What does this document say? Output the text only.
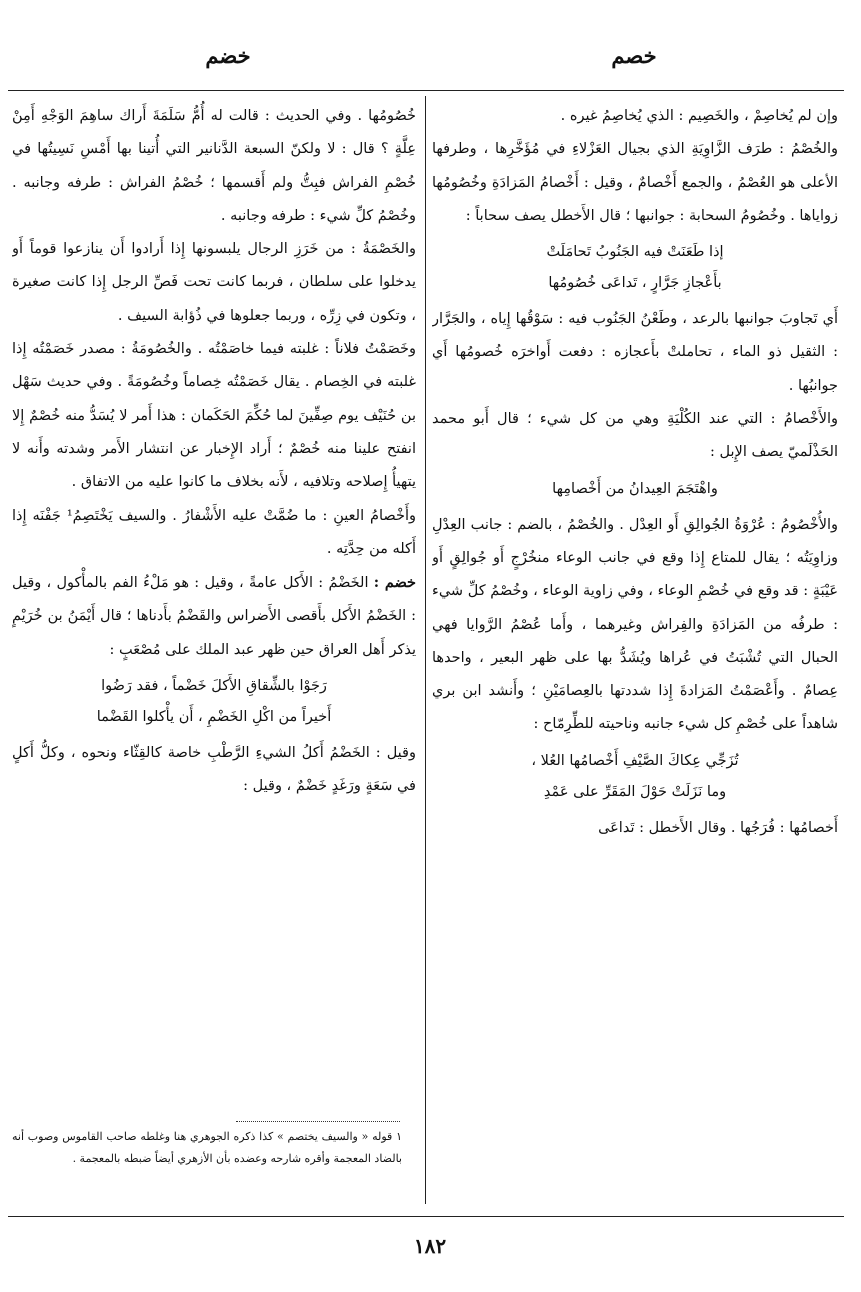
خصم
خضم

وإن لم يُخاصِمْ ، والخَصِيم : الذي يُخاصِمُ غيره .

والخُصْمُ : طرَف الزَّاوِيَةِ الذي بجيال العَزْلاءِ في مُؤَخَّرِها ، وطرفها الأعلى هو العُصْمُ ، والجمع أَخْصامٌ ، وقيل : أَخْصامُ المَزادَةِ وخُصُومُها زواياها . وخُصُومُ السحابة : جوانبها ؛ قال الأَخطل يصف سحاباً :

إذا طَعَنَتْ فيه الجَنُوبُ تَحامَلَتْ
بأَعْجازِ جَرَّارٍ ، تَداعَى خُصُومُها

أَي تَجاوبَ جوانبها بالرعد ، وطَعْنُ الجَنُوب فيه : سَوْقُها إِياه ، والجَرَّار : الثقيل ذو الماء ، تحاملتْ بأَعجازه : دفعت أَواخرَه خُصومُها أَي جوانبُها .

والأَخْصامُ : التي عند الكُلْيَةِ وهي من كل شيء ؛ قال أَبو محمد الحَذْلَميّ يصف الإِبل :

واهْتَجَمَ العِيدانُ من أَخْصامِها

والأُخْصُومُ : عُرْوَةُ الجُوالِقِ أَو العِدْل . والخُصْمُ ، بالضم : جانب العِدْلِ وزاوِيَتُه ؛ يقال للمتاع إِذا وقع في جانب الوعاء منخُرْجٍ أَو جُوالِقٍ أَو عَيْبَةٍ : قد وقع في خُصْمِ الوعاء ، وفي زاوية الوعاء ، وخُصْمُ كلِّ شيء : طرفُه من المَزادَةِ والفِراش وغيرهما ، وأَما عُصْمُ الرَّوايا فهي الحبال التي تُشْبَتُ في عُراها ويُشَدُّ بها على ظهر البعير ، واحدها عِصامٌ . وأَعْصَمْتُ المَزادةَ إِذا شددتها بالعِصامَيْنِ ؛ وأَنشد ابن بري شاهداً على خُصْمِ كل شيء جانبه وناحيته للطِّرِمّاح :

تُزَجِّي عِكاكَ الصَّيْفِ أَخْصامُها العُلا ،
وما نَزَلَتْ حَوْلَ المَقَرِّ على عَمْدِ

أَخصامُها : فُرَجُها . وقال الأَخطل : تَداعَى

خُصُومُها . وفي الحديث : قالت له أُمُّ سَلَمَةَ أَراك ساهِمَ الوَجْهِ أَمِنْ عِلَّةٍ ؟ قال : لا ولكنّ السبعة الدَّنانير التي أُتينا بها أَمْسِ نَسِيتُها في خُصْمِ الفراش فبِتُّ ولم أَقسمها ؛ خُصْمُ الفراش : طرفه وجانبه . وخُصْمُ كلِّ شيء : طرفه وجانبه .

والخَصْمَةُ : من خَرَزِ الرجال يلبسونها إِذا أَرادوا أَن ينازعوا قوماً أَو يدخلوا على سلطان ، فربما كانت تحت فَصِّ الرجل إِذا كانت صغيرة ، وتكون في زِرِّه ، وربما جعلوها في ذُؤابة السيف .

وخَصَمْتُ فلاناً : غلبته فيما خاصَمْتُه . والخُصُومَةُ : مصدر خَصَمْتُه إِذا غلبته في الخِصام . يقال خَصَمْتُه خِصاماً وخُصُومَةً . وفي حديث سَهْل بن حُنَيْف يوم صِفِّينَ لما حُكِّمَ الحَكَمان : هذا أَمر لا يُسَدُّ منه خُصْمٌ إِلا انفتح علينا منه خُصْمٌ ؛ أَراد الإِخبار عن انتشار الأَمر وشدته وأَنه لا يتهيأُ إِصلاحه وتلافيه ، لأَنه بخلاف ما كانوا عليه من الاتفاق .

وأَخْصامُ العينِ : ما ضُمَّتْ عليه الأَشْفارُ . والسيف يَخْتَصِمُ¹ جَفْنَه إِذا أَكله من حِدَّتِه .

خضم : الخَضْمُ : الأَكل عامةً ، وقيل : هو مَلْءُ الفم بالمأْكول ، وقيل : الخَضْمُ الأَكل بأَقصى الأَضراس والقَضْمُ بأَدناها ؛ قال أَيْمَنُ بن خُرَيْمٍ يذكر أَهل العراق حين ظهر عبد الملك على مُصْعَبٍ :

رَجَوْا بالشِّقاقِ الأَكلَ خَضْماً ، فقد رَضُوا
أَخيراً من اكْلِ الخَضْمِ ، أَن يأْكلوا القَضْما

وقيل : الخَضْمُ أَكلُ الشيءِ الرَّطْبِ خاصة كالقِثّاء ونحوه ، وكلُّ أَكلٍ في سَعَةٍ ورَغَدٍ خَضْمٌ ، وقيل :

١ قوله « والسيف يختصم » كذا ذكره الجوهري هنا وغلطه صاحب القاموس وصوب أنه بالضاد المعجمة وأقره شارحه وعضده بأن الأزهري أيضاً ضبطه بالمعجمة .
١٨٢
